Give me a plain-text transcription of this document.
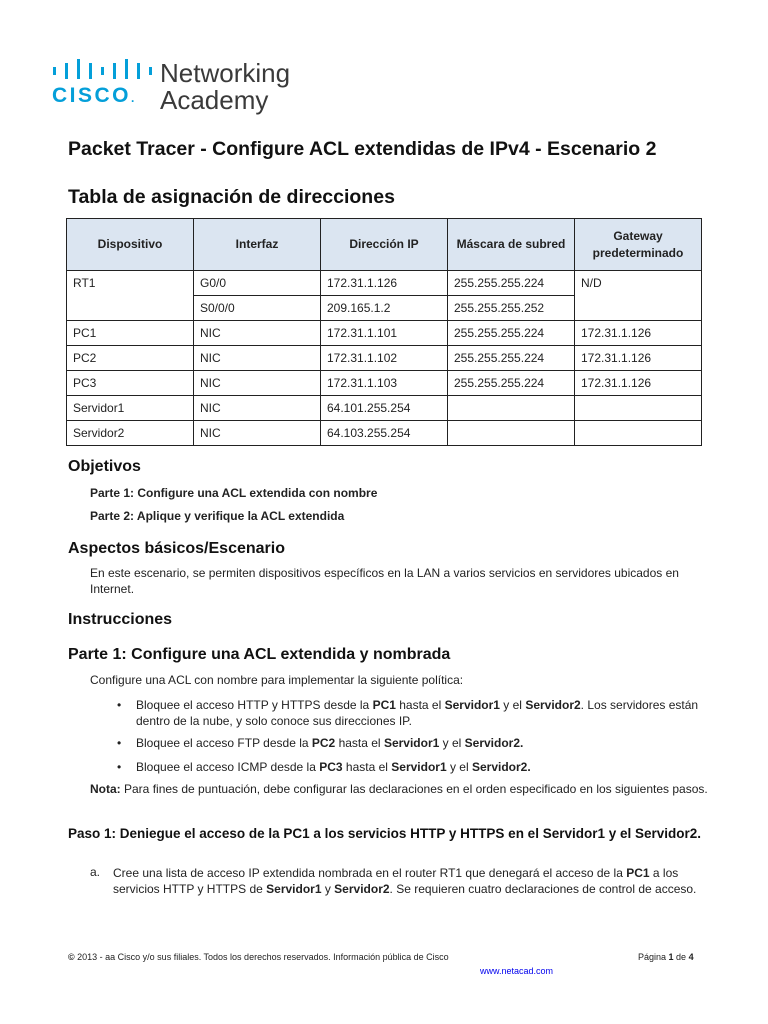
CISCO.
Networking
Academy
Packet Tracer - Configure ACL extendidas de IPv4 - Escenario 2
Tabla de asignación de direcciones
Dispositivo	Interfaz	Dirección IP	Máscara de subred	Gateway predeterminado
RT1	G0/0	172.31.1.126	255.255.255.224	N/D
	S0/0/0	209.165.1.2	255.255.255.252	
PC1	NIC	172.31.1.101	255.255.255.224	172.31.1.126
PC2	NIC	172.31.1.102	255.255.255.224	172.31.1.126
PC3	NIC	172.31.1.103	255.255.255.224	172.31.1.126
Servidor1	NIC	64.101.255.254		
Servidor2	NIC	64.103.255.254		
Objetivos
Parte 1: Configure una ACL extendida con nombre
Parte 2: Aplique y verifique la ACL extendida
Aspectos básicos/Escenario
En este escenario, se permiten dispositivos específicos en la LAN a varios servicios en servidores ubicados en Internet.
Instrucciones
Parte 1: Configure una ACL extendida y nombrada
Configure una ACL con nombre para implementar la siguiente política:
• Bloquee el acceso HTTP y HTTPS desde la PC1 hasta el Servidor1 y el Servidor2. Los servidores están dentro de la nube, y solo conoce sus direcciones IP.
• Bloquee el acceso FTP desde la PC2 hasta el Servidor1 y el Servidor2.
• Bloquee el acceso ICMP desde la PC3 hasta el Servidor1 y el Servidor2.
Nota: Para fines de puntuación, debe configurar las declaraciones en el orden especificado en los siguientes pasos.
Paso 1: Deniegue el acceso de la PC1 a los servicios HTTP y HTTPS en el Servidor1 y el Servidor2.
a. Cree una lista de acceso IP extendida nombrada en el router RT1 que denegará el acceso de la PC1 a los servicios HTTP y HTTPS de Servidor1 y Servidor2. Se requieren cuatro declaraciones de control de acceso.
© 2013 - aa Cisco y/o sus filiales. Todos los derechos reservados. Información pública de Cisco	Página 1 de 4
www.netacad.com
